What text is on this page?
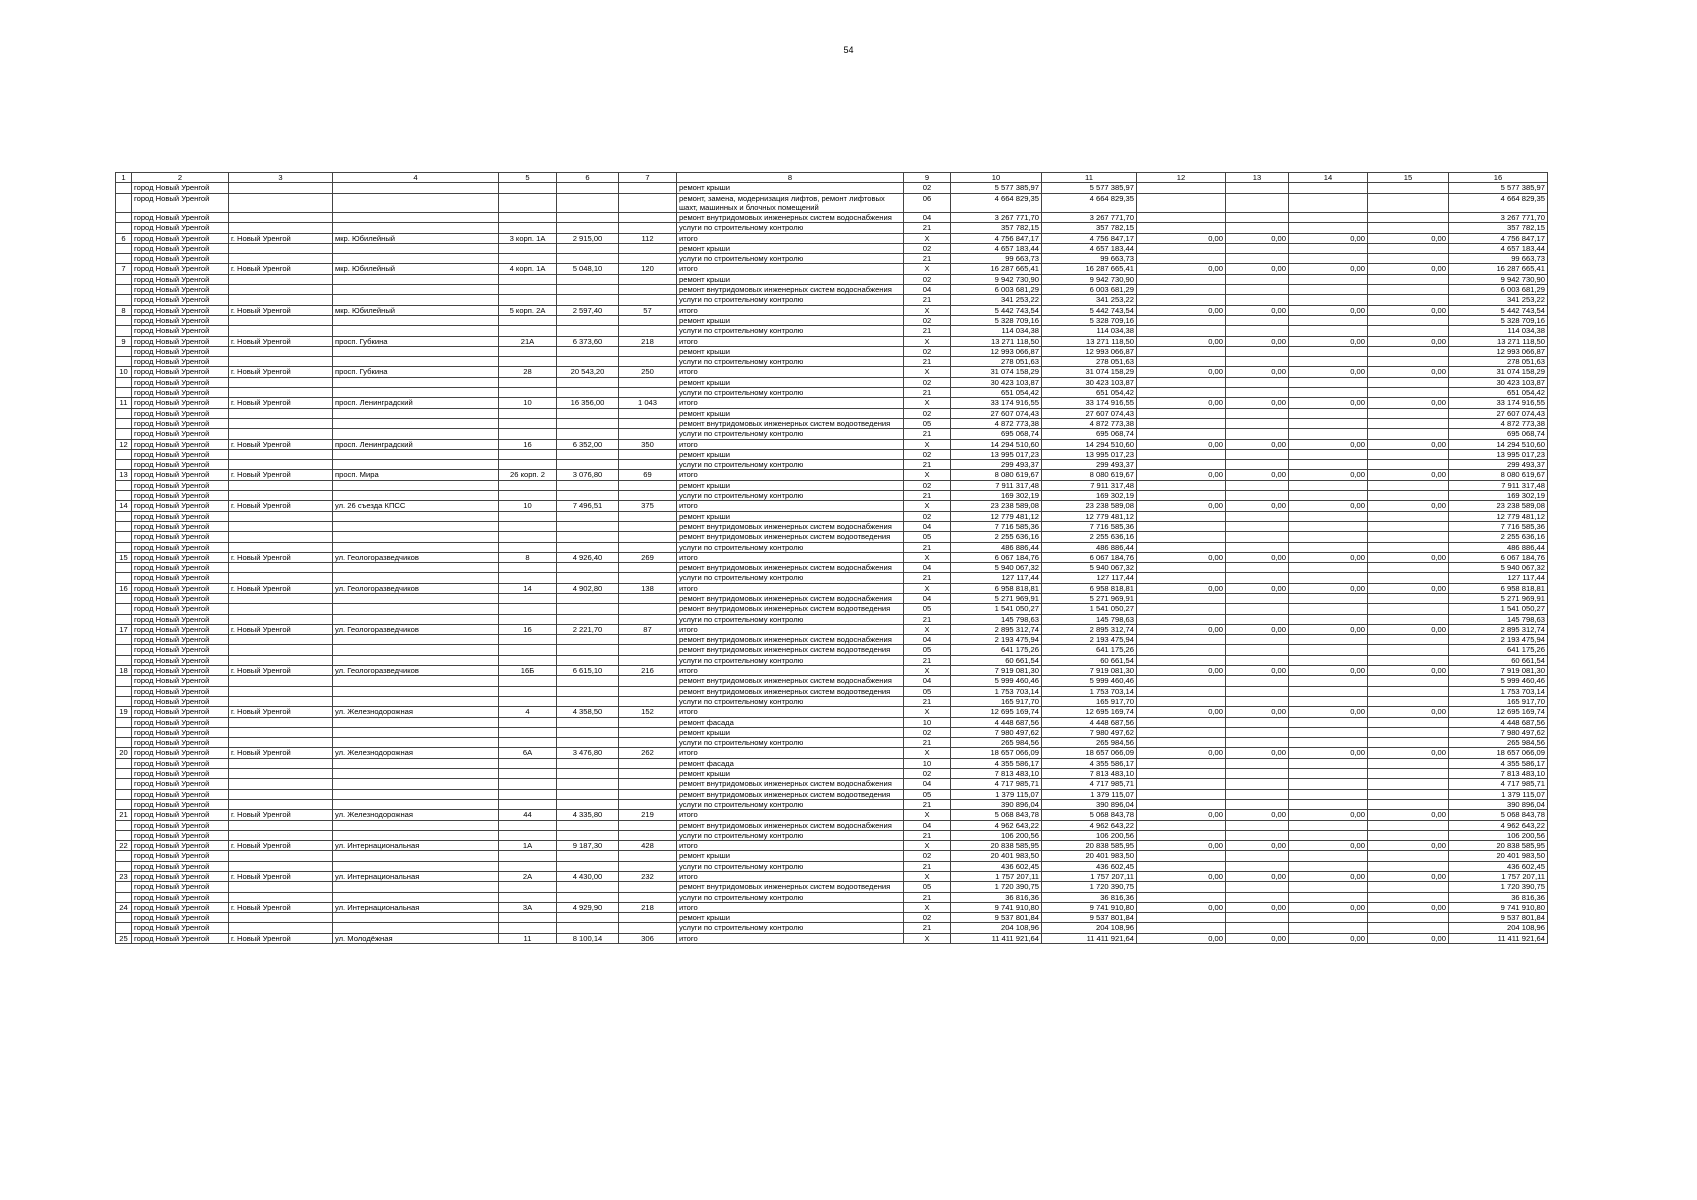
54
1	2	3	4	5	6	7	8	9	10	11	12	13	14	15	16
	город Новый Уренгой						ремонт крыши	02	5 577 385,97	5 577 385,97					5 577 385,97
	город Новый Уренгой						ремонт, замена, модернизация лифтов, ремонт лифтовых шахт, машинных и блочных помещений	06	4 664 829,35	4 664 829,35					4 664 829,35
	город Новый Уренгой						ремонт внутридомовых инженерных систем водоснабжения	04	3 267 771,70	3 267 771,70					3 267 771,70
	город Новый Уренгой						услуги по строительному контролю	21	357 782,15	357 782,15					357 782,15
6	город Новый Уренгой	г. Новый Уренгой	мкр. Юбилейный	3 корп. 1А	2 915,00	112	итого	X	4 756 847,17	4 756 847,17	0,00	0,00	0,00	0,00	4 756 847,17
	город Новый Уренгой						ремонт крыши	02	4 657 183,44	4 657 183,44					4 657 183,44
	город Новый Уренгой						услуги по строительному контролю	21	99 663,73	99 663,73					99 663,73
7	город Новый Уренгой	г. Новый Уренгой	мкр. Юбилейный	4 корп. 1А	5 048,10	120	итого	X	16 287 665,41	16 287 665,41	0,00	0,00	0,00	0,00	16 287 665,41
	город Новый Уренгой						ремонт крыши	02	9 942 730,90	9 942 730,90					9 942 730,90
	город Новый Уренгой						ремонт внутридомовых инженерных систем водоснабжения	04	6 003 681,29	6 003 681,29					6 003 681,29
	город Новый Уренгой						услуги по строительному контролю	21	341 253,22	341 253,22					341 253,22
8	город Новый Уренгой	г. Новый Уренгой	мкр. Юбилейный	5 корп. 2А	2 597,40	57	итого	X	5 442 743,54	5 442 743,54	0,00	0,00	0,00	0,00	5 442 743,54
	город Новый Уренгой						ремонт крыши	02	5 328 709,16	5 328 709,16					5 328 709,16
	город Новый Уренгой						услуги по строительному контролю	21	114 034,38	114 034,38					114 034,38
9	город Новый Уренгой	г. Новый Уренгой	просп. Губкина	21А	6 373,60	218	итого	X	13 271 118,50	13 271 118,50	0,00	0,00	0,00	0,00	13 271 118,50
	город Новый Уренгой						ремонт крыши	02	12 993 066,87	12 993 066,87					12 993 066,87
	город Новый Уренгой						услуги по строительному контролю	21	278 051,63	278 051,63					278 051,63
10	город Новый Уренгой	г. Новый Уренгой	просп. Губкина	28	20 543,20	250	итого	X	31 074 158,29	31 074 158,29	0,00	0,00	0,00	0,00	31 074 158,29
	город Новый Уренгой						ремонт крыши	02	30 423 103,87	30 423 103,87					30 423 103,87
	город Новый Уренгой						услуги по строительному контролю	21	651 054,42	651 054,42					651 054,42
11	город Новый Уренгой	г. Новый Уренгой	просп. Ленинградский	10	16 356,00	1 043	итого	X	33 174 916,55	33 174 916,55	0,00	0,00	0,00	0,00	33 174 916,55
	город Новый Уренгой						ремонт крыши	02	27 607 074,43	27 607 074,43					27 607 074,43
	город Новый Уренгой						ремонт внутридомовых инженерных систем водоотведения	05	4 872 773,38	4 872 773,38					4 872 773,38
	город Новый Уренгой						услуги по строительному контролю	21	695 068,74	695 068,74					695 068,74
12	город Новый Уренгой	г. Новый Уренгой	просп. Ленинградский	16	6 352,00	350	итого	X	14 294 510,60	14 294 510,60	0,00	0,00	0,00	0,00	14 294 510,60
	город Новый Уренгой						ремонт крыши	02	13 995 017,23	13 995 017,23					13 995 017,23
	город Новый Уренгой						услуги по строительному контролю	21	299 493,37	299 493,37					299 493,37
13	город Новый Уренгой	г. Новый Уренгой	просп. Мира	26 корп. 2	3 076,80	69	итого	X	8 080 619,67	8 080 619,67	0,00	0,00	0,00	0,00	8 080 619,67
	город Новый Уренгой						ремонт крыши	02	7 911 317,48	7 911 317,48					7 911 317,48
	город Новый Уренгой						услуги по строительному контролю	21	169 302,19	169 302,19					169 302,19
14	город Новый Уренгой	г. Новый Уренгой	ул. 26 съезда КПСС	10	7 496,51	375	итого	X	23 238 589,08	23 238 589,08	0,00	0,00	0,00	0,00	23 238 589,08
	город Новый Уренгой						ремонт крыши	02	12 779 481,12	12 779 481,12					12 779 481,12
	город Новый Уренгой						ремонт внутридомовых инженерных систем водоснабжения	04	7 716 585,36	7 716 585,36					7 716 585,36
	город Новый Уренгой						ремонт внутридомовых инженерных систем водоотведения	05	2 255 636,16	2 255 636,16					2 255 636,16
	город Новый Уренгой						услуги по строительному контролю	21	486 886,44	486 886,44					486 886,44
15	город Новый Уренгой	г. Новый Уренгой	ул. Геологоразведчиков	8	4 926,40	269	итого	X	6 067 184,76	6 067 184,76	0,00	0,00	0,00	0,00	6 067 184,76
	город Новый Уренгой						ремонт внутридомовых инженерных систем водоснабжения	04	5 940 067,32	5 940 067,32					5 940 067,32
	город Новый Уренгой						услуги по строительному контролю	21	127 117,44	127 117,44					127 117,44
16	город Новый Уренгой	г. Новый Уренгой	ул. Геологоразведчиков	14	4 902,80	138	итого	X	6 958 818,81	6 958 818,81	0,00	0,00	0,00	0,00	6 958 818,81
	город Новый Уренгой						ремонт внутридомовых инженерных систем водоснабжения	04	5 271 969,91	5 271 969,91					5 271 969,91
	город Новый Уренгой						ремонт внутридомовых инженерных систем водоотведения	05	1 541 050,27	1 541 050,27					1 541 050,27
	город Новый Уренгой						услуги по строительному контролю	21	145 798,63	145 798,63					145 798,63
17	город Новый Уренгой	г. Новый Уренгой	ул. Геологоразведчиков	16	2 221,70	87	итого	X	2 895 312,74	2 895 312,74	0,00	0,00	0,00	0,00	2 895 312,74
	город Новый Уренгой						ремонт внутридомовых инженерных систем водоснабжения	04	2 193 475,94	2 193 475,94					2 193 475,94
	город Новый Уренгой						ремонт внутридомовых инженерных систем водоотведения	05	641 175,26	641 175,26					641 175,26
	город Новый Уренгой						услуги по строительному контролю	21	60 661,54	60 661,54					60 661,54
18	город Новый Уренгой	г. Новый Уренгой	ул. Геологоразведчиков	16Б	6 615,10	216	итого	X	7 919 081,30	7 919 081,30	0,00	0,00	0,00	0,00	7 919 081,30
	город Новый Уренгой						ремонт внутридомовых инженерных систем водоснабжения	04	5 999 460,46	5 999 460,46					5 999 460,46
	город Новый Уренгой						ремонт внутридомовых инженерных систем водоотведения	05	1 753 703,14	1 753 703,14					1 753 703,14
	город Новый Уренгой						услуги по строительному контролю	21	165 917,70	165 917,70					165 917,70
19	город Новый Уренгой	г. Новый Уренгой	ул. Железнодорожная	4	4 358,50	152	итого	X	12 695 169,74	12 695 169,74	0,00	0,00	0,00	0,00	12 695 169,74
	город Новый Уренгой						ремонт фасада	10	4 448 687,56	4 448 687,56					4 448 687,56
	город Новый Уренгой						ремонт крыши	02	7 980 497,62	7 980 497,62					7 980 497,62
	город Новый Уренгой						услуги по строительному контролю	21	265 984,56	265 984,56					265 984,56
20	город Новый Уренгой	г. Новый Уренгой	ул. Железнодорожная	6А	3 476,80	262	итого	X	18 657 066,09	18 657 066,09	0,00	0,00	0,00	0,00	18 657 066,09
	город Новый Уренгой						ремонт фасада	10	4 355 586,17	4 355 586,17					4 355 586,17
	город Новый Уренгой						ремонт крыши	02	7 813 483,10	7 813 483,10					7 813 483,10
	город Новый Уренгой						ремонт внутридомовых инженерных систем водоснабжения	04	4 717 985,71	4 717 985,71					4 717 985,71
	город Новый Уренгой						ремонт внутридомовых инженерных систем водоотведения	05	1 379 115,07	1 379 115,07					1 379 115,07
	город Новый Уренгой						услуги по строительному контролю	21	390 896,04	390 896,04					390 896,04
21	город Новый Уренгой	г. Новый Уренгой	ул. Железнодорожная	44	4 335,80	219	итого	X	5 068 843,78	5 068 843,78	0,00	0,00	0,00	0,00	5 068 843,78
	город Новый Уренгой						ремонт внутридомовых инженерных систем водоснабжения	04	4 962 643,22	4 962 643,22					4 962 643,22
	город Новый Уренгой						услуги по строительному контролю	21	106 200,56	106 200,56					106 200,56
22	город Новый Уренгой	г. Новый Уренгой	ул. Интернациональная	1А	9 187,30	428	итого	X	20 838 585,95	20 838 585,95	0,00	0,00	0,00	0,00	20 838 585,95
	город Новый Уренгой						ремонт крыши	02	20 401 983,50	20 401 983,50					20 401 983,50
	город Новый Уренгой						услуги по строительному контролю	21	436 602,45	436 602,45					436 602,45
23	город Новый Уренгой	г. Новый Уренгой	ул. Интернациональная	2А	4 430,00	232	итого	X	1 757 207,11	1 757 207,11	0,00	0,00	0,00	0,00	1 757 207,11
	город Новый Уренгой						ремонт внутридомовых инженерных систем водоотведения	05	1 720 390,75	1 720 390,75					1 720 390,75
	город Новый Уренгой						услуги по строительному контролю	21	36 816,36	36 816,36					36 816,36
24	город Новый Уренгой	г. Новый Уренгой	ул. Интернациональная	3А	4 929,90	218	итого	X	9 741 910,80	9 741 910,80	0,00	0,00	0,00	0,00	9 741 910,80
	город Новый Уренгой						ремонт крыши	02	9 537 801,84	9 537 801,84					9 537 801,84
	город Новый Уренгой						услуги по строительному контролю	21	204 108,96	204 108,96					204 108,96
25	город Новый Уренгой	г. Новый Уренгой	ул. Молодёжная	11	8 100,14	306	итого	X	11 411 921,64	11 411 921,64	0,00	0,00	0,00	0,00	11 411 921,64
